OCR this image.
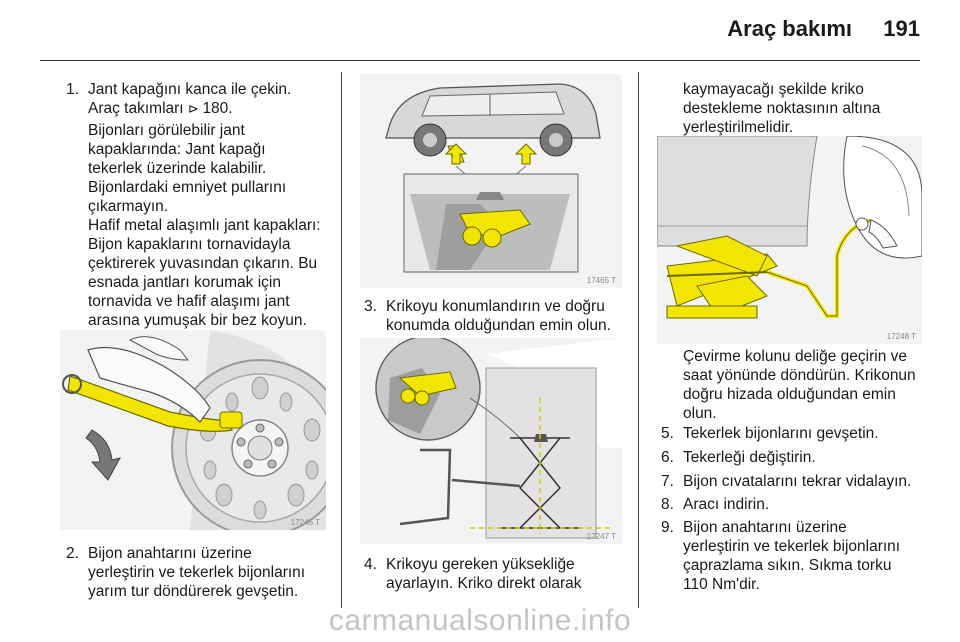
Araç bakımı 191
1. Jant kapağını kanca ile çekin.
Araç takımları ⊳ 180.
Bijonları görülebilir jant
kapaklarında: Jant kapağı
tekerlek üzerinde kalabilir.
Bijonlardaki emniyet pullarını
çıkarmayın.
Hafif metal alaşımlı jant kapakları:
Bijon kapaklarını tornavidayla
çektirerek yuvasından çıkarın. Bu
esnada jantları korumak için
tornavida ve hafif alaşımı jant
arasına yumuşak bir bez koyun.
17245 T
2. Bijon anahtarını üzerine
yerleştirin ve tekerlek bijonlarını
yarım tur döndürerek gevşetin.
17465 T
3. Krikoyu konumlandırın ve doğru
konumda olduğundan emin olun.
17247 T
4. Krikoyu gereken yüksekliğe
ayarlayın. Kriko direkt olarak
kaymayacağı şekilde kriko
destekleme noktasının altına
yerleştirilmelidir.
17248 T
Çevirme kolunu deliğe geçirin ve
saat yönünde döndürün. Krikonun
doğru hizada olduğundan emin
olun.
5. Tekerlek bijonlarını gevşetin.
6. Tekerleği değiştirin.
7. Bijon cıvatalarını tekrar vidalayın.
8. Aracı indirin.
9. Bijon anahtarını üzerine
yerleştirin ve tekerlek bijonlarını
çaprazlama sıkın. Sıkma torku
110 Nm'dir.
carmanualsonline.info
